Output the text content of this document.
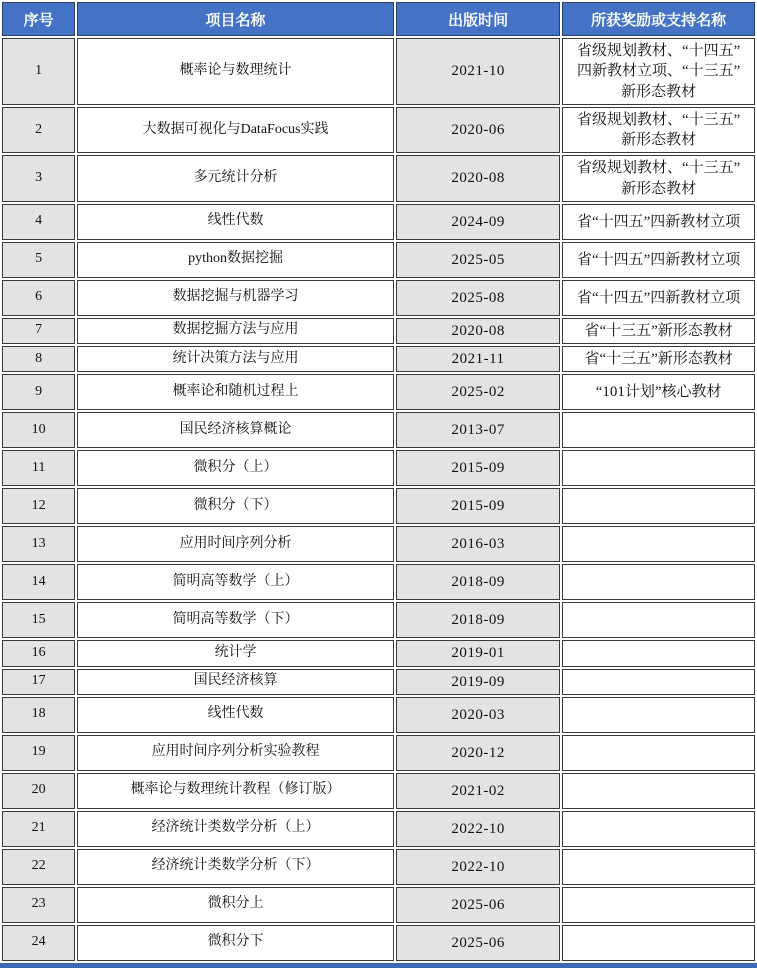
序号	项目名称	出版时间	所获奖励或支持名称
1	概率论与数理统计	2021-10	省级规划教材、“十四五”四新教材立项、“十三五”新形态教材
2	大数据可视化与DataFocus实践	2020-06	省级规划教材、“十三五”新形态教材
3	多元统计分析	2020-08	省级规划教材、“十三五”新形态教材
4	线性代数	2024-09	省“十四五”四新教材立项
5	python数据挖掘	2025-05	省“十四五”四新教材立项
6	数据挖掘与机器学习	2025-08	省“十四五”四新教材立项
7	数据挖掘方法与应用	2020-08	省“十三五”新形态教材
8	统计决策方法与应用	2021-11	省“十三五”新形态教材
9	概率论和随机过程上	2025-02	“101计划”核心教材
10	国民经济核算概论	2013-07	
11	微积分（上）	2015-09	
12	微积分（下）	2015-09	
13	应用时间序列分析	2016-03	
14	简明高等数学（上）	2018-09	
15	简明高等数学（下）	2018-09	
16	统计学	2019-01	
17	国民经济核算	2019-09	
18	线性代数	2020-03	
19	应用时间序列分析实验教程	2020-12	
20	概率论与数理统计教程（修订版）	2021-02	
21	经济统计类数学分析（上）	2022-10	
22	经济统计类数学分析（下）	2022-10	
23	微积分上	2025-06	
24	微积分下	2025-06	
